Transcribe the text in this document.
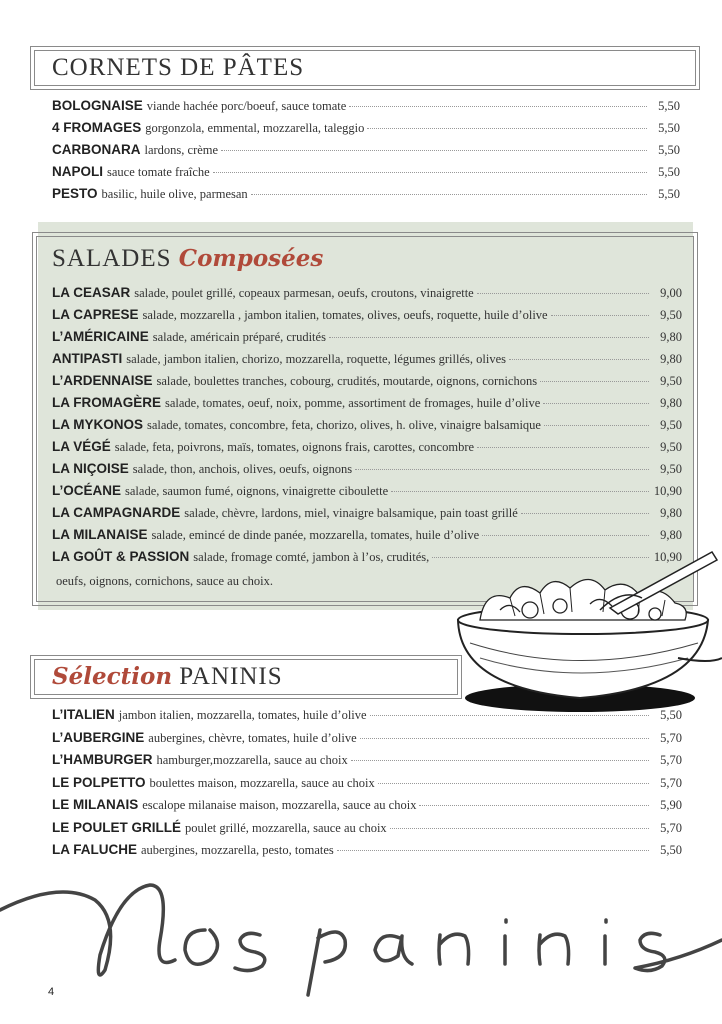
CORNETS DE PÂTES
BOLOGNAISE viande hachée porc/boeuf, sauce tomate	5,50
4 FROMAGES gorgonzola, emmental, mozzarella, taleggio	5,50
CARBONARA lardons, crème	5,50
NAPOLI sauce tomate fraîche	5,50
PESTO basilic, huile olive, parmesan	5,50
SALADES Composées
LA CEASAR salade, poulet grillé, copeaux parmesan, oeufs, croutons, vinaigrette	9,00
LA CAPRESE salade, mozzarella , jambon italien, tomates, olives, oeufs, roquette, huile d’olive	9,50
L’AMÉRICAINE salade, américain préparé, crudités	9,80
ANTIPASTI salade, jambon italien, chorizo, mozzarella, roquette, légumes grillés, olives	9,80
L’ARDENNAISE salade, boulettes tranches, cobourg, crudités, moutarde, oignons, cornichons	9,50
LA FROMAGÈRE salade, tomates, oeuf, noix, pomme, assortiment de fromages, huile d’olive	9,80
LA MYKONOS salade, tomates, concombre, feta, chorizo, olives, h. olive, vinaigre balsamique	9,50
LA VÉGÉ salade, feta, poivrons, maïs, tomates, oignons frais, carottes, concombre	9,50
LA NIÇOISE salade, thon, anchois, olives, oeufs, oignons	9,50
L’OCÉANE salade, saumon fumé, oignons, vinaigrette ciboulette	10,90
LA CAMPAGNARDE salade, chèvre, lardons, miel, vinaigre balsamique, pain toast grillé	9,80
LA MILANAISE salade, emincé de dinde panée, mozzarella, tomates, huile d’olive	9,80
LA GOÛT & PASSION salade, fromage comté, jambon à l’os, crudités,	10,90
oeufs, oignons, cornichons, sauce au choix.
Sélection PANINIS
L’ITALIEN jambon italien, mozzarella, tomates, huile d’olive	5,50
L’AUBERGINE aubergines, chèvre, tomates, huile d’olive	5,70
L’HAMBURGER hamburger,mozzarella, sauce au choix	5,70
LE POLPETTO boulettes maison, mozzarella, sauce au choix	5,70
LE MILANAIS escalope milanaise maison, mozzarella, sauce au choix	5,90
LE POULET GRILLÉ poulet grillé, mozzarella, sauce au choix	5,70
LA FALUCHE aubergines, mozzarella, pesto, tomates	5,50
4
